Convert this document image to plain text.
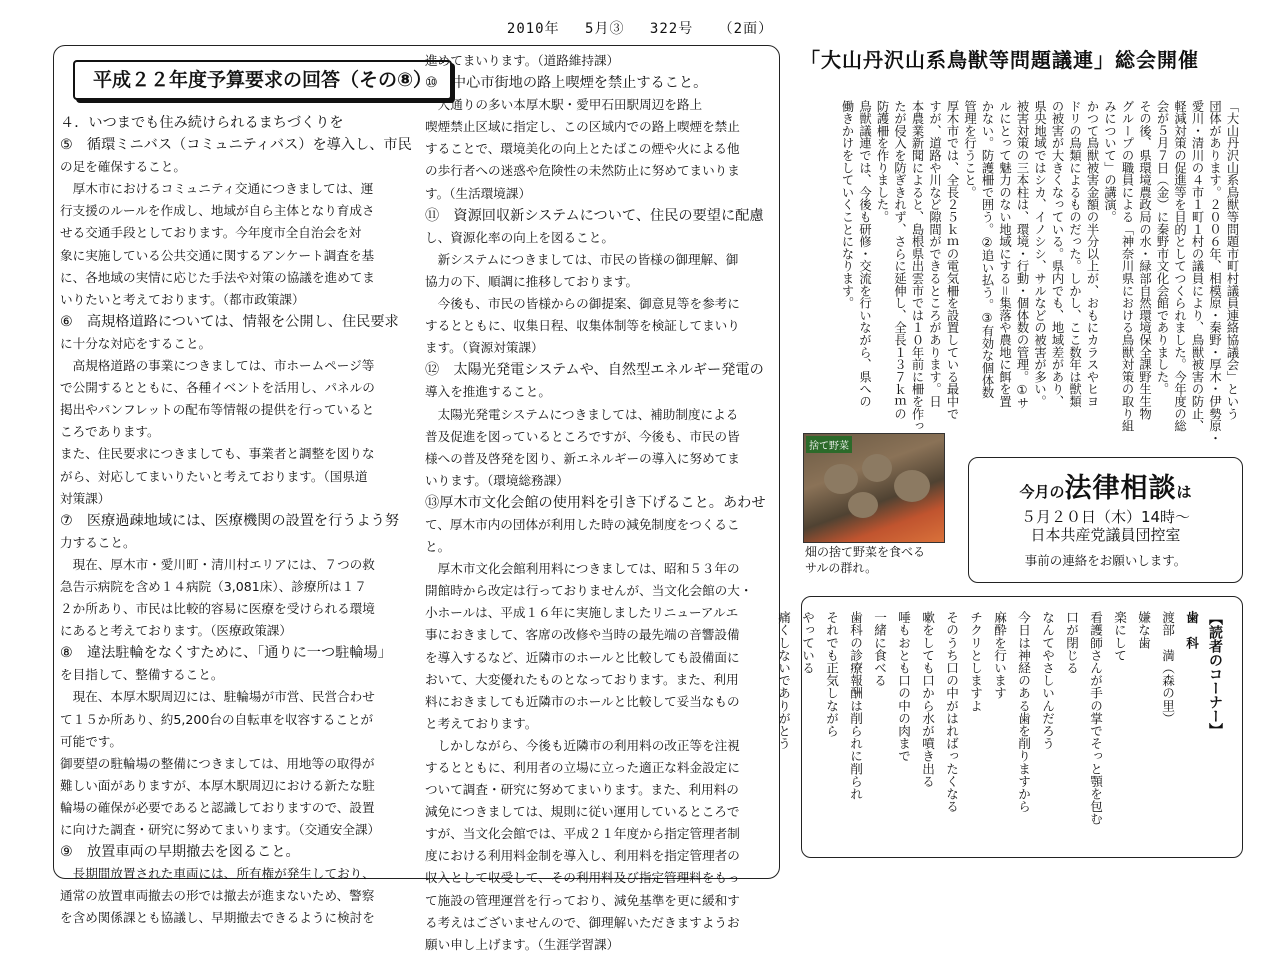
2010年 5月③ 322号 （2面）
平成２２年度予算要求の回答（その⑧）

４．いつまでも住み続けられるまちづくりを

⑤　循環ミニバス（コミュニティバス）を導入し、市民

の足を確保すること。

　厚木市におけるコミュニティ交通につきましては、運

行支援のルールを作成し、地域が自ら主体となり育成さ

せる交通手段としております。今年度市全自治会を対

象に実施している公共交通に関するアンケート調査を基

に、各地域の実情に応じた手法や対策の協議を進めてま

いりたいと考えております。（都市政策課）

⑥　高規格道路については、情報を公開し、住民要求

に十分な対応をすること。

　高規格道路の事業につきましては、市ホームページ等

で公開するとともに、各種イベントを活用し、パネルの

掲出やパンフレットの配布等情報の提供を行っていると

ころであります。

また、住民要求につきましても、事業者と調整を図りな

がら、対応してまいりたいと考えております。（国県道

対策課）

⑦　医療過疎地域には、医療機関の設置を行うよう努

力すること。

　現在、厚木市・愛川町・清川村エリアには、７つの救

急告示病院を含め１４病院（3,081床）、診療所は１７

２か所あり、市民は比較的容易に医療を受けられる環境

にあると考えております。（医療政策課）

⑧　違法駐輪をなくすために、「通りに一つ駐輪場」

を目指して、整備すること。

　現在、本厚木駅周辺には、駐輪場が市営、民営合わせ

て１５か所あり、約5,200台の自転車を収容することが

可能です。

御要望の駐輪場の整備につきましては、用地等の取得が

難しい面がありますが、本厚木駅周辺における新たな駐

輪場の確保が必要であると認識しておりますので、設置

に向けた調査・研究に努めてまいります。（交通安全課）

⑨　放置車両の早期撤去を図ること。

　長期間放置された車両には、所有権が発生しており、

通常の放置車両撤去の形では撤去が進まないため、警察

を含め関係課とも協議し、早期撤去できるように検討を

進めてまいります。（道路維持課）

⑩　中心市街地の路上喫煙を禁止すること。

　人通りの多い本厚木駅・愛甲石田駅周辺を路上

喫煙禁止区域に指定し、この区域内での路上喫煙を禁止

することで、環境美化の向上とたばこの煙や火による他

の歩行者への迷惑や危険性の未然防止に努めてまいりま

す。（生活環境課）

⑪　資源回収新システムについて、住民の要望に配慮

し、資源化率の向上を図ること。

　新システムにつきましては、市民の皆様の御理解、御

協力の下、順調に推移しております。

　今後も、市民の皆様からの御提案、御意見等を参考に

するとともに、収集日程、収集体制等を検証してまいり

ます。（資源対策課）

⑫　太陽光発電システムや、自然型エネルギー発電の

導入を推進すること。

　太陽光発電システムにつきましては、補助制度による

普及促進を図っているところですが、今後も、市民の皆

様への普及啓発を図り、新エネルギーの導入に努めてま

いります。（環境総務課）

⑬厚木市文化会館の使用料を引き下げること。あわせ

て、厚木市内の団体が利用した時の減免制度をつくるこ

と。

　厚木市文化会館利用料につきましては、昭和５３年の

開館時から改定は行っておりませんが、当文化会館の大・

小ホールは、平成１６年に実施しましたリニューアルエ

事におきまして、客席の改修や当時の最先端の音響設備

を導入するなど、近隣市のホールと比較しても設備面に

おいて、大変優れたものとなっております。また、利用

料におきましても近隣市のホールと比較して妥当なもの

と考えております。

　しかしながら、今後も近隣市の利用料の改正等を注視

するとともに、利用者の立場に立った適正な料金設定に

ついて調査・研究に努めてまいります。また、利用料の

減免につきましては、規則に従い運用しているところで

すが、当文化会館では、平成２１年度から指定管理者制

度における利用料金制を導入し、利用料を指定管理者の

収入として収受して、その利用料及び指定管理料をもっ

て施設の管理運営を行っており、減免基準を更に緩和す

る考えはございませんので、御理解いただきますようお

願い申し上げます。（生涯学習課）

「大山丹沢山系鳥獣等問題議連」総会開催

「大山丹沢山系鳥獣等問題市町村議員連絡協議会」という

団体があります。２００６年、相模原・秦野・厚木・伊勢原・

愛川・清川の４市１町１村の議員により、鳥獣被害の防止、

軽減対策の促進等を目的としてつくられました。今年度の総

会が５月７日（金）に秦野市文化会館でありました。

その後、県環境農政局の水・緑部自然環境保全課野生生物

グループの職員による「神奈川県における鳥獣対策の取り組

みについて」の講演。

かつて鳥獣被害金額の半分以上が、おもにカラスやヒヨ

ドリの鳥類によるものだった。しかし、ここ数年は獣類

の被害が大きくなっている。県内でも、地域差があり、

県央地域ではシカ、イノシシ、サルなどの被害が多い。

被害対策の三本柱は、環境・行動・個体数の管理。①サ

ルにとって魅力のない地域にする＝集落や農地に餌を置

かない。防護柵で囲う。②追い払う。③有効な個体数

管理を行うこと。

厚木市では、全長２５ｋｍの電気柵を設置している最中で

すが、道路や川など隙間ができるところがあります。日

本農業新聞によると、島根県出雲市では１０年前に柵を作っ

たが侵入を防ぎきれず、さらに延伸し、全長１３７ｋｍの

防護柵を作りました。

鳥獣議連では、今後も研修・交流を行いながら、県への

働きかけをしていくことになります。

捨て野菜

畑の捨て野菜を食べる

サルの群れ。

今月の法律相談は
５月２０日（木）14時～
日本共産党議員団控室
事前の連絡をお願いします。

【読者のコーナー】

歯　科

渡部　満（森の里）

嫌な歯

楽にして

看護師さんが手の掌でそっと顎を包む

口が閉じる

なんてやさしいんだろう

今日は神経のある歯を削りますから

麻酔を行います

チクリとしますよ

そのうち口の中がはればったくなる

嗽をしても口から水が噴き出る

唾もおとも口の中の肉まで

一緒に食べる

歯科の診療報酬は削られに削られ

それでも正気しながら

やっている

痛くしないでありがとう
